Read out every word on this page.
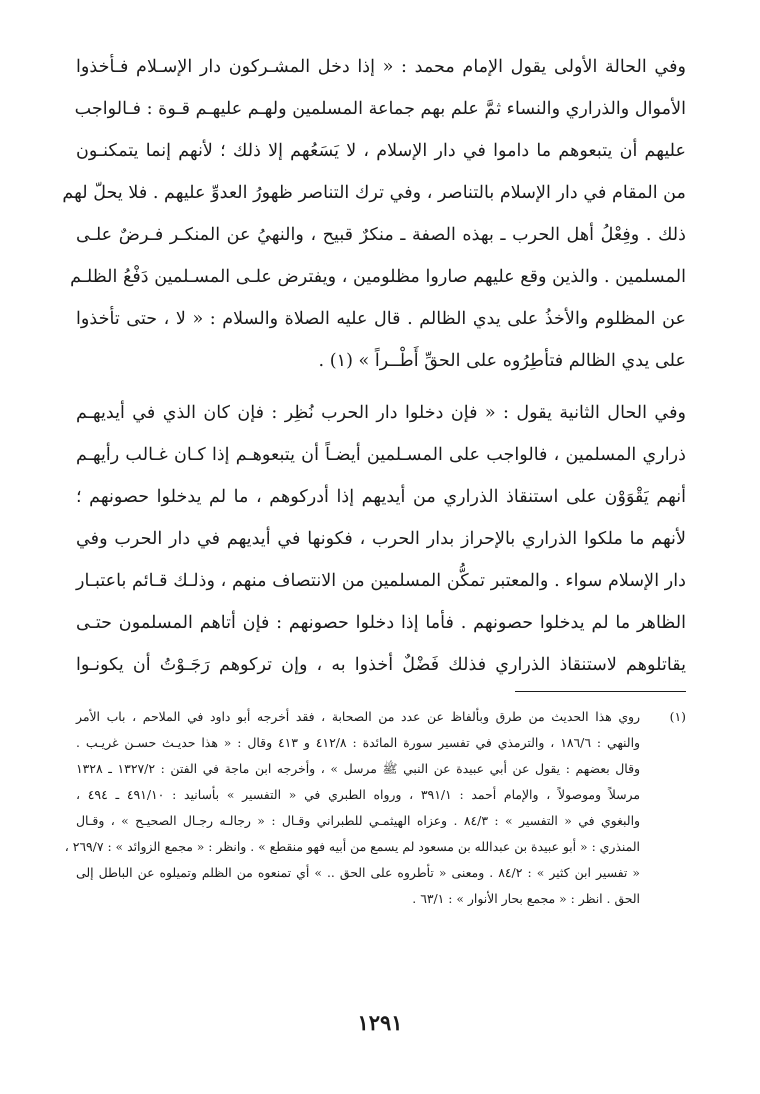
وفي الحالة الأولى يقول الإمام محمد : « إذا دخل المشـركون دار الإسـلام فـأخذوا
الأموال والذراري والنساء ثمَّ علم بهم جماعة المسلمين ولهـم عليهـم قـوة : فـالواجب
عليهم أن يتبعوهم ما داموا في دار الإسلام ، لا يَسَعُهم إلا ذلك ؛ لأنهم إنما يتمكنـون
من المقام في دار الإسلام بالتناصر ، وفي ترك التناصر ظهورُ العدوِّ عليهم . فلا يحلّ لهم
ذلك . وفِعْلُ أهل الحرب ـ بهذه الصفة ـ منكرٌ قبيح ، والنهيُ عن المنكـر فـرضٌ علـى
المسلمين . والذين وقع عليهم صاروا مظلومين ، ويفترض علـى المسـلمين دَفْعُ الظلـم
عن المظلوم والأخذُ على يدي الظالم . قال عليه الصلاة والسلام : « لا ، حتى تأخذوا
على يدي الظالم فتأطِرُوه على الحقِّ أَطْــراً » (١) .

وفي الحال الثانية يقول : « فإن دخلوا دار الحرب نُظِر : فإن كان الذي في أيديهـم
ذراري المسلمين ، فالواجب على المسـلمين أيضـاً أن يتبعوهـم إذا كـان غـالب رأيهـم
أنهم يَقْوَوْن على استنقاذ الذراري من أيديهم إذا أدركوهم ، ما لم يدخلوا حصونهم ؛
لأنهم ما ملكوا الذراري بالإحراز بدار الحرب ، فكونها في أيديهم في دار الحرب وفي
دار الإسلام سواء . والمعتبر تمكُّن المسلمين من الانتصاف منهم ، وذلـك قـائم باعتبـار
الظاهر ما لم يدخلوا حصونهم . فأما إذا دخلوا حصونهم : فإن أتاهم المسلمون حتـى
يقاتلوهم لاستنقاذ الذراري فذلك فَضْلٌ أخذوا به ، وإن تركوهم رَجَـوْتُ أن يكونـوا

(١)
روي هذا الحديث من طرق وبألفاظ عن عدد من الصحابة ، فقد أخرجه أبو داود في الملاحم ، باب الأمر
والنهي : ١٨٦/٦ ، والترمذي في تفسير سورة المائدة : ٤١٢/٨ و ٤١٣ وقال : « هذا حديـث حسـن غريـب .
وقال بعضهم : يقول عن أبي عبيدة عن النبي ﷺ مرسل » ، وأخرجه ابن ماجة في الفتن : ١٣٢٧/٢ ـ ١٣٢٨
مرسلاً وموصولاً ، والإمام أحمد : ٣٩١/١ ، ورواه الطبري في « التفسير » بأسانيد : ٤٩١/١٠ ـ ٤٩٤ ،
والبغوي في « التفسير » : ٨٤/٣ . وعزاه الهيثمـي للطبراني وقـال : « رجالـه رجـال الصحيـح » ، وقـال
المنذري : « أبو عبيدة بن عبدالله بن مسعود لم يسمع من أبيه فهو منقطع » . وانظر : « مجمع الزوائد » : ٢٦٩/٧ ،
« تفسير ابن كثير » : ٨٤/٢ . ومعنى « تأطروه على الحق .. » أي تمنعوه من الظلم وتميلوه عن الباطل إلى
الحق . انظر : « مجمع بحار الأنوار » : ٦٣/١ .
١٢٩١
